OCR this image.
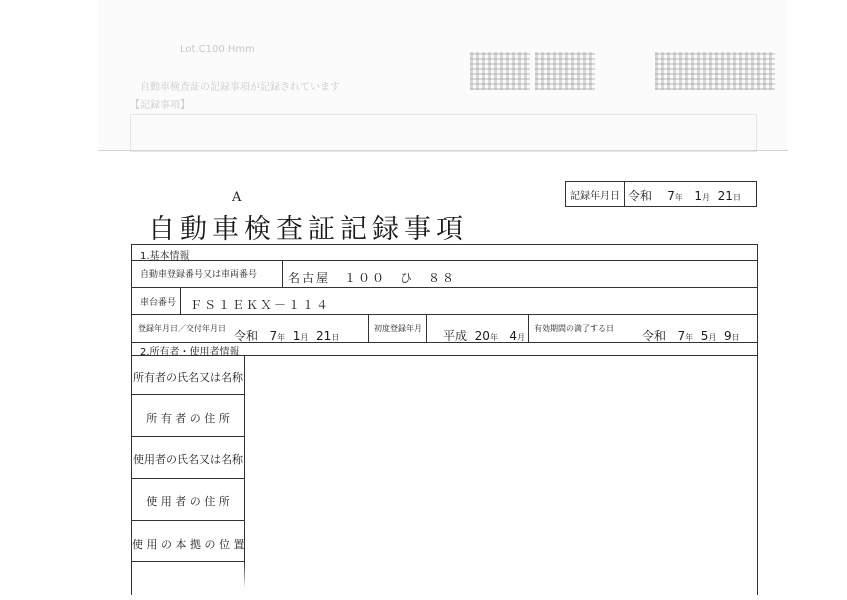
Lot.C100 Hmm
自動車検査証の記録事項が記録されています
【記録事項】
A
自動車検査証記録事項
記録年月日 令和 7年 1月 21日
1.基本情報
自動車登録番号又は車両番号	名古屋　１００　ひ　８８
車台番号 ＦＳ１ＥＫＸ－１１４
登録年月日／交付年月日
令和 7年 1月 21日
初度登録年月
平成 20年 4月
有効期間の満了する日
令和 7年 5月 9日
2.所有者・使用者情報
所有者の氏名又は名称
所 有 者 の 住 所
使用者の氏名又は名称
使 用 者 の 住 所
使 用 の 本 拠 の 位 置
